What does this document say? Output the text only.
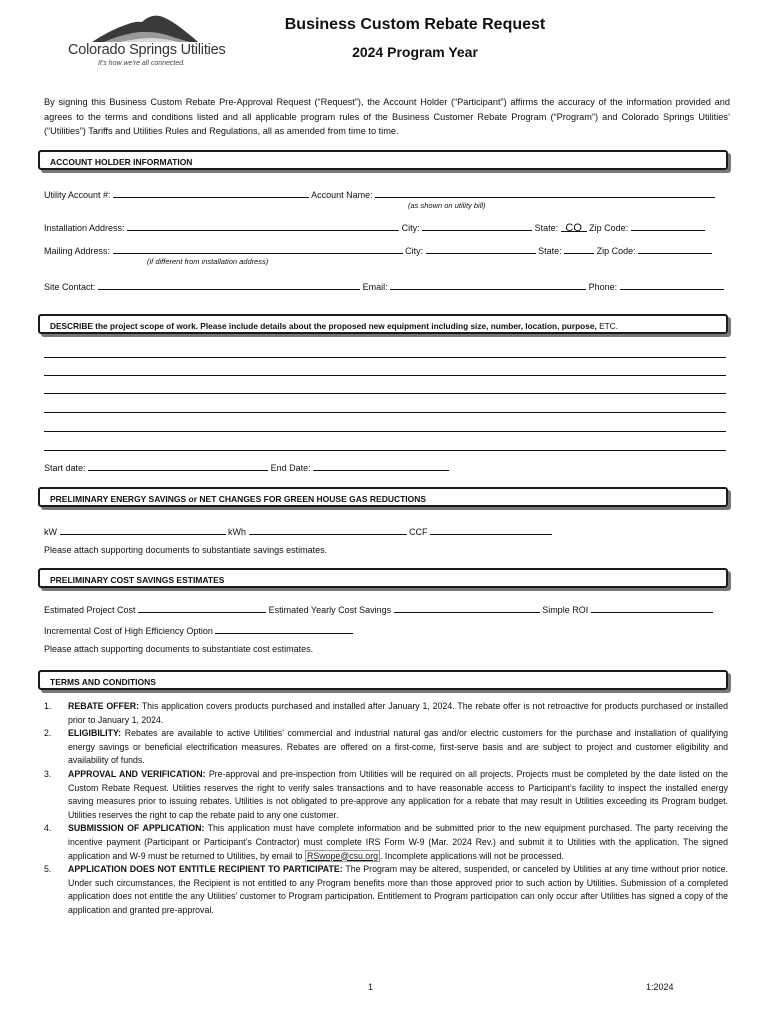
Colorado Springs Utilities
It's how we're all connected.
Business Custom Rebate Request
2024 Program Year
By signing this Business Custom Rebate Pre-Approval Request (“Request”), the Account Holder (“Participant”) affirms the accuracy of the information provided and agrees to the terms and conditions listed and all applicable program rules of the Business Customer Rebate Program (“Program”) and Colorado Springs Utilities’ (“Utilities”) Tariffs and Utilities Rules and Regulations, all as amended from time to time.
ACCOUNT HOLDER INFORMATION
Utility Account #:	Account Name:
(as shown on utility bill)
Installation Address:	City:	State: CO Zip Code:
Mailing Address:	City:	State:	Zip Code:
(if different from installation address)
Site Contact:	Email:	Phone:
DESCRIBE the project scope of work. Please include details about the proposed new equipment including size, number, location, purpose, ETC.
Start date:	End Date:
PRELIMINARY ENERGY SAVINGS or NET CHANGES FOR GREEN HOUSE GAS REDUCTIONS
kW	kWh	CCF
Please attach supporting documents to substantiate savings estimates.
PRELIMINARY COST SAVINGS ESTIMATES
Estimated Project Cost	Estimated Yearly Cost Savings	Simple ROI
Incremental Cost of High Efficiency Option
Please attach supporting documents to substantiate cost estimates.
TERMS AND CONDITIONS
1. REBATE OFFER: This application covers products purchased and installed after January 1, 2024. The rebate offer is not retroactive for products purchased or installed prior to January 1, 2024.
2. ELIGIBILITY: Rebates are available to active Utilities’ commercial and industrial natural gas and/or electric customers for the purchase and installation of qualifying energy savings or beneficial electrification measures. Rebates are offered on a first-come, first-serve basis and are subject to project and customer eligibility and availability of funds.
3. APPROVAL AND VERIFICATION: Pre-approval and pre-inspection from Utilities will be required on all projects. Projects must be completed by the date listed on the Custom Rebate Request. Utilities reserves the right to verify sales transactions and to have reasonable access to Participant’s facility to inspect the installed energy saving measures prior to issuing rebates. Utilities is not obligated to pre-approve any application for a rebate that may result in Utilities exceeding its Program budget. Utilities reserves the right to cap the rebate paid to any one customer.
4. SUBMISSION OF APPLICATION: This application must have complete information and be submitted prior to the new equipment purchased. The party receiving the incentive payment (Participant or Participant’s Contractor) must complete IRS Form W-9 (Mar. 2024 Rev.) and submit it to Utilities with the application. The signed application and W-9 must be returned to Utilities, by email to RSwope@csu.org . Incomplete applications will not be processed.
5. APPLICATION DOES NOT ENTITLE RECIPIENT TO PARTICIPATE: The Program may be altered, suspended, or canceled by Utilities at any time without prior notice. Under such circumstances, the Recipient is not entitled to any Program benefits more than those approved prior to such action by Utilities. Submission of a completed application does not entitle the any Utilities’ customer to Program participation. Entitlement to Program participation can only occur after Utilities has signed a copy of the application and granted pre-approval.
1	1:2024
